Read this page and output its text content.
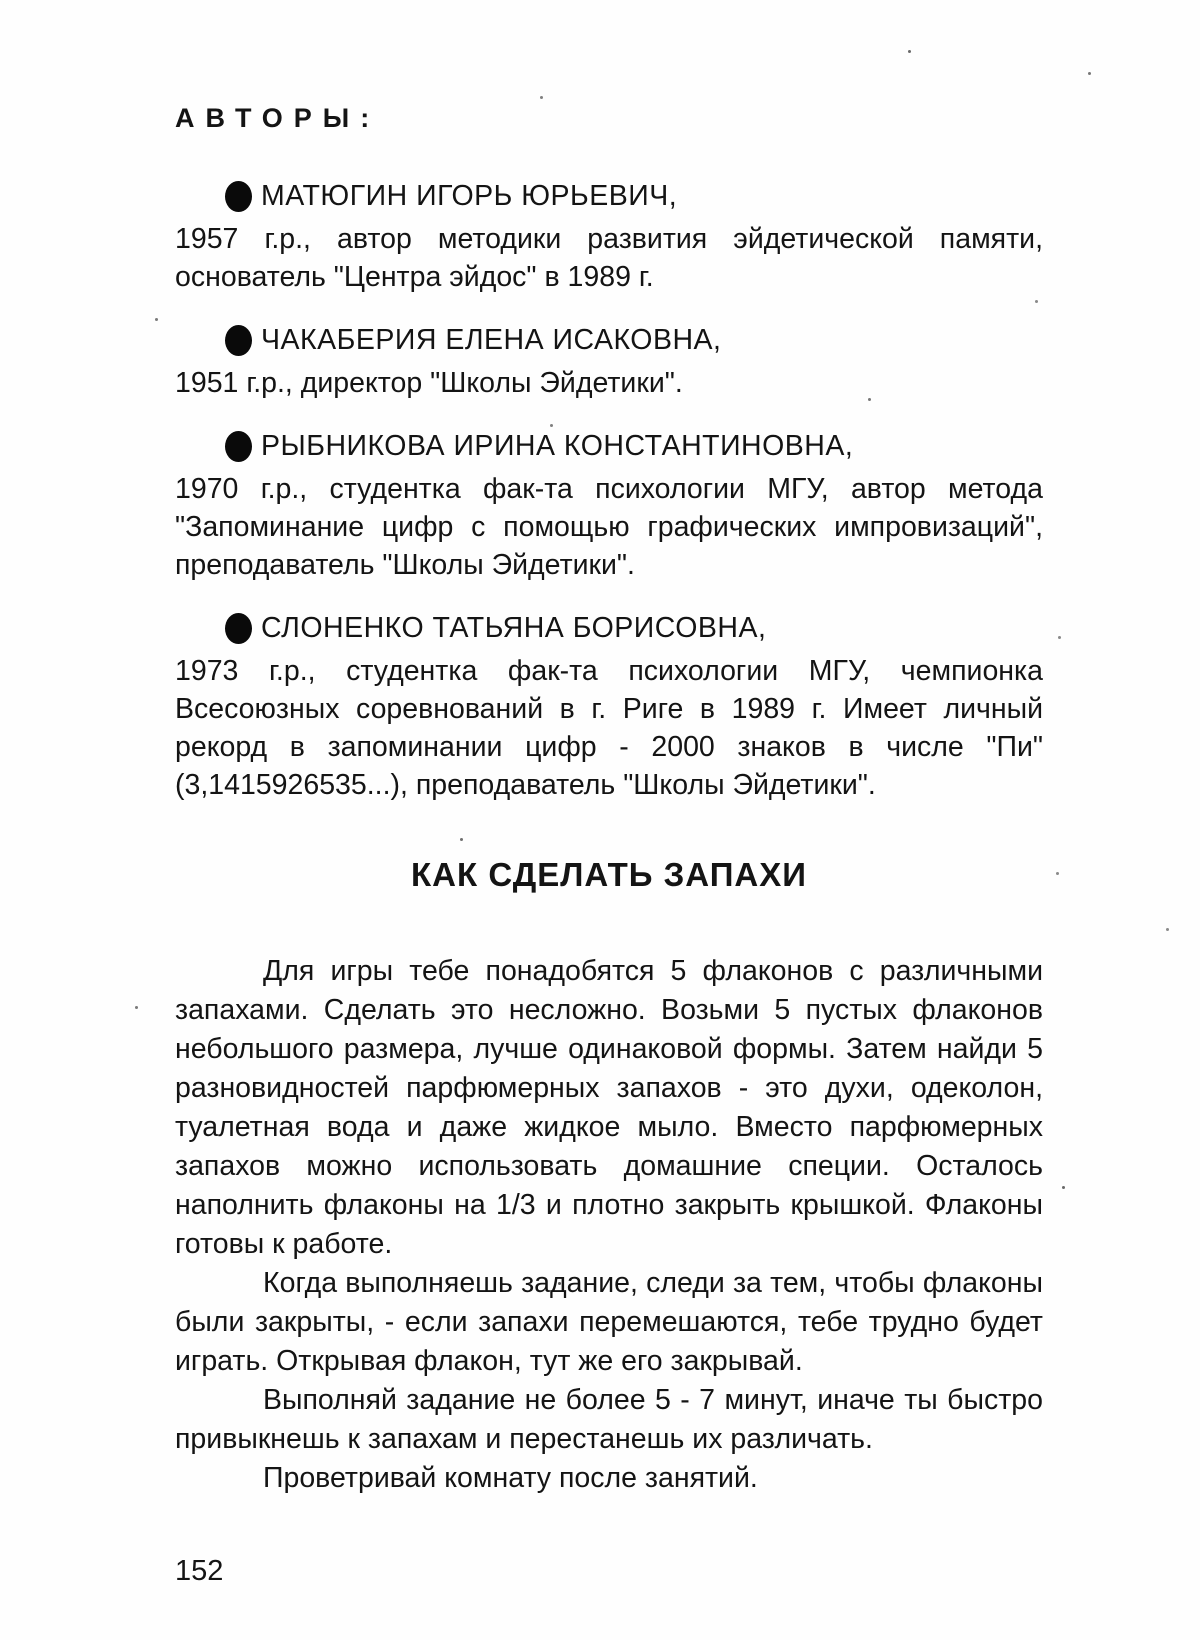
АВТОРЫ:
МАТЮГИН ИГОРЬ ЮРЬЕВИЧ,
1957 г.р., автор методики развития эйдетической памяти, основатель "Центра эйдос" в 1989 г.
ЧАКАБЕРИЯ ЕЛЕНА ИСАКОВНА,
1951 г.р., директор "Школы Эйдетики".
РЫБНИКОВА ИРИНА КОНСТАНТИНОВНА,
1970 г.р., студентка фак-та психологии МГУ, автор метода "Запоминание цифр с помощью графических импровизаций", преподаватель "Школы Эйдетики".
СЛОНЕНКО ТАТЬЯНА БОРИСОВНА,
1973 г.р., студентка фак-та психологии МГУ, чемпионка Всесоюзных соревнований в г. Риге в 1989 г. Имеет личный рекорд в запоминании цифр - 2000 знаков в числе "Пи" (3,1415926535...), преподаватель "Школы Эйдетики".
КАК СДЕЛАТЬ ЗАПАХИ

Для игры тебе понадобятся 5 флаконов с различными запахами. Сделать это несложно. Возьми 5 пустых флаконов небольшого размера, лучше одинаковой формы. Затем найди 5 разновидностей парфюмерных запахов - это духи, одеколон, туалетная вода и даже жидкое мыло. Вместо парфюмерных запахов можно использовать домашние специи. Осталось наполнить флаконы на 1/3 и плотно закрыть крышкой. Флаконы готовы к работе.

Когда выполняешь задание, следи за тем, чтобы флаконы были закрыты, - если запахи перемешаются, тебе трудно будет играть. Открывая флакон, тут же его закрывай.

Выполняй задание не более 5 - 7 минут, иначе ты быстро привыкнешь к запахам и перестанешь их различать.

Проветривай комнату после занятий.

152
